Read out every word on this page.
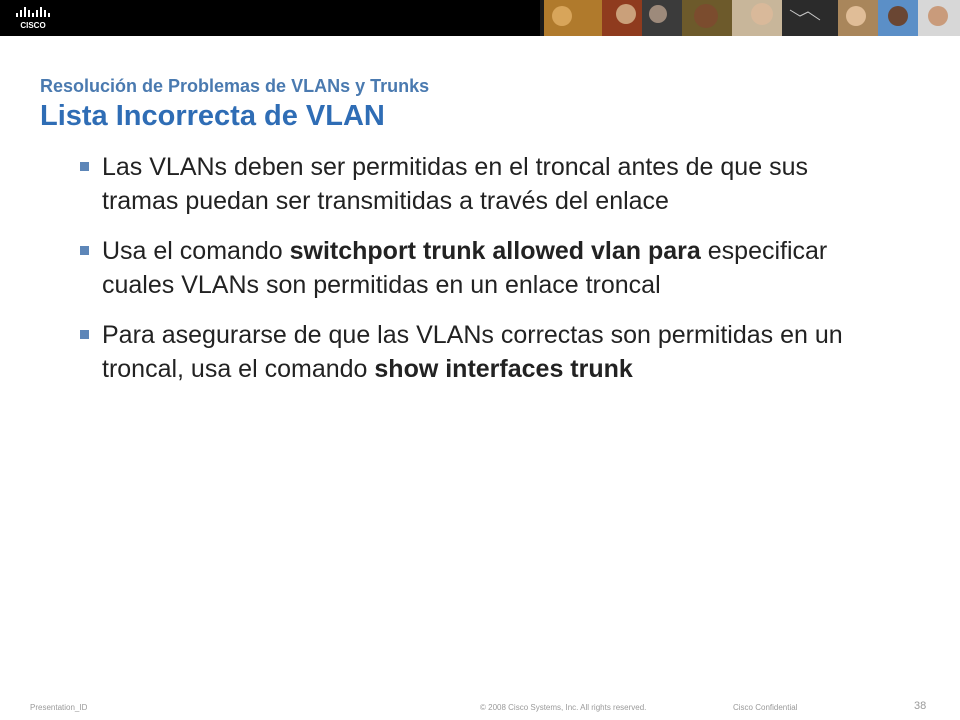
CISCO
Resolución de Problemas de VLANs y Trunks
Lista Incorrecta de VLAN
Las VLANs deben ser permitidas en el troncal antes de que sus tramas puedan ser transmitidas a través del enlace
Usa el comando switchport trunk allowed vlan para especificar cuales VLANs son permitidas en un enlace troncal
Para asegurarse de que las VLANs correctas son permitidas en un troncal, usa el comando show interfaces trunk
Presentation_ID	© 2008 Cisco Systems, Inc. All rights reserved.	Cisco Confidential	38
